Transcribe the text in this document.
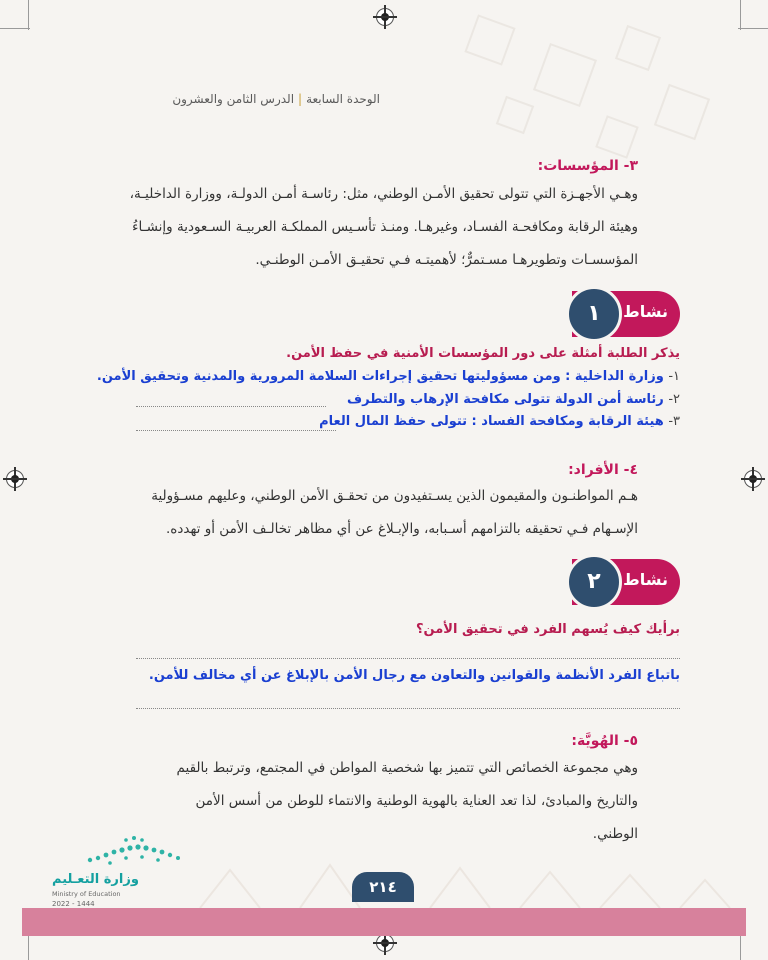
الوحدة السابعة|الدرس الثامن والعشرون
٣- المؤسسات:
وهـي الأجهـزة التي تتولى تحقيق الأمـن الوطني، مثل: رئاسـة أمـن الدولـة، ووزارة الداخليـة،
وهيئة الرقابة ومكافحـة الفسـاد، وغيرهـا. ومنـذ تأسـيس المملكـة العربيـة السـعودية وإنشـاءُ
المؤسسـات وتطويرهـا مسـتمرٌّ؛ لأهميتـه فـي تحقيـق الأمـن الوطنـي.
نشاط
١
يذكر الطلبة أمثلة على دور المؤسسات الأمنية في حفظ الأمن.
١- وزارة الداخلية : ومن مسؤوليتها تحقيق إجراءات السلامة المرورية والمدنية وتحقيق الأمن.
٢- رئاسة أمن الدولة تتولى مكافحة الإرهاب والتطرف
٣- هيئة الرقابة ومكافحة الفساد : تتولى حفظ المال العام
٤- الأفراد:
هـم المواطنـون والمقيمون الذين يسـتفيدون من تحقـق الأمن الوطني، وعليهم مسـؤولية
الإسـهام فـي تحقيقه بالتزامهم أسـبابه، والإبـلاغ عن أي مظاهر تخالـف الأمن أو تهدده.
نشاط
٢
برأيك كيف يُسهم الفرد في تحقيق الأمن؟
باتباع الفرد الأنظمة والقوانين والتعاون مع رجال الأمن بالإبلاغ عن أي مخالف للأمن.
٥- الهُويَّة:
وهي مجموعة الخصائص التي تتميز بها شخصية المواطن في المجتمع، وترتبط بالقيم
والتاريخ والمبادئ، لذا تعد العناية بالهوية الوطنية والانتماء للوطن من أسس الأمن
الوطني.
٢١٤
وزارة التعـليم
Ministry of Education
2022 - 1444
